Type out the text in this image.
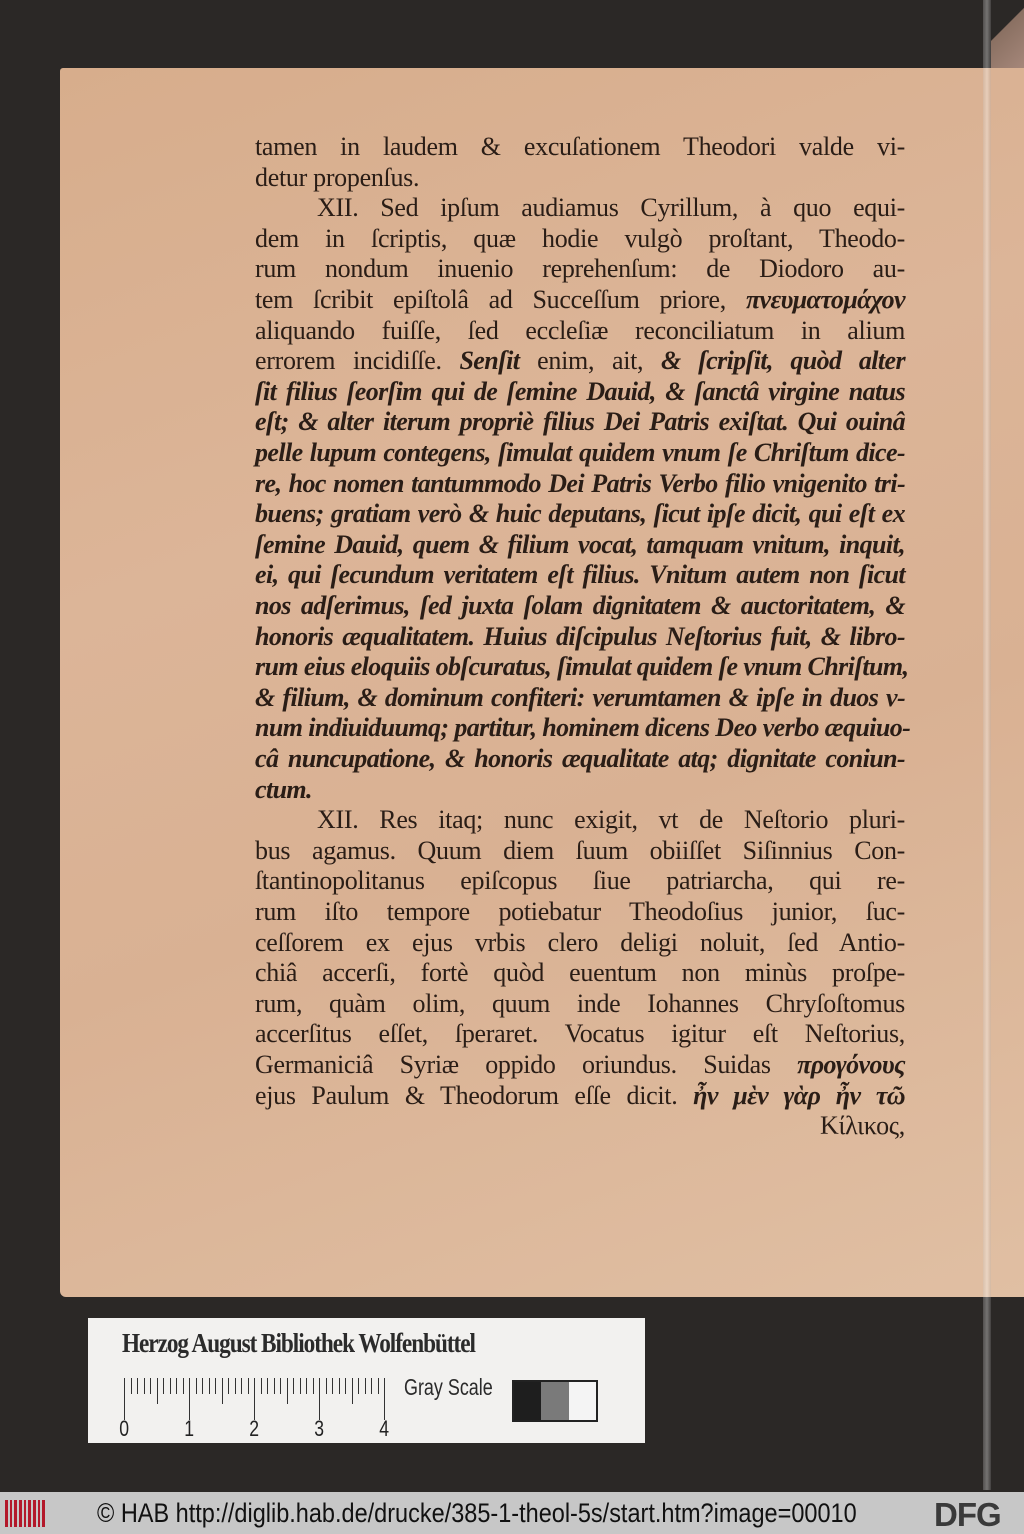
tamen in laudem & excuſationem Theodori valde vi-
detur propenſus.
XII. Sed ipſum audiamus Cyrillum, à quo equi-
dem in ſcriptis, quæ hodie vulgò proſtant, Theodo-
rum nondum inuenio reprehenſum: de Diodoro au-
tem ſcribit epiſtolâ ad Succeſſum priore, πνευματομάχον
aliquando fuiſſe, ſed eccleſiæ reconciliatum in alium
errorem incidiſſe. Senſit enim, ait, & ſcripſit, quòd alter
ſit filius ſeorſim qui de ſemine Dauid, & ſanctâ virgine natus
eſt; & alter iterum propriè filius Dei Patris exiſtat. Qui ouinâ
pelle lupum contegens, ſimulat quidem vnum ſe Chriſtum dice-
re, hoc nomen tantummodo Dei Patris Verbo filio vnigenito tri-
buens; gratiam verò & huic deputans, ſicut ipſe dicit, qui eſt ex
ſemine Dauid, quem & filium vocat, tamquam vnitum, inquit,
ei, qui ſecundum veritatem eſt filius. Vnitum autem non ſicut
nos adſerimus, ſed juxta ſolam dignitatem & auctoritatem, &
honoris æqualitatem. Huius diſcipulus Neſtorius fuit, & libro-
rum eius eloquiis obſcuratus, ſimulat quidem ſe vnum Chriſtum,
& filium, & dominum confiteri: verumtamen & ipſe in duos v-
num indiuiduumq; partitur, hominem dicens Deo verbo æquiuo-
câ nuncupatione, & honoris æqualitate atq; dignitate coniun-
ctum.
XII. Res itaq; nunc exigit, vt de Neſtorio pluri-
bus agamus. Quum diem ſuum obiiſſet Siſinnius Con-
ſtantinopolitanus epiſcopus ſiue patriarcha, qui re-
rum iſto tempore potiebatur Theodoſius junior, ſuc-
ceſſorem ex ejus vrbis clero deligi noluit, ſed Antio-
chiâ accerſi, fortè quòd euentum non minùs proſpe-
rum, quàm olim, quum inde Iohannes Chryſoſtomus
accerſitus eſſet, ſperaret. Vocatus igitur eſt Neſtorius,
Germaniciâ Syriæ oppido oriundus. Suidas προγόνους
ejus Paulum & Theodorum eſſe dicit. ἦν μὲν γὰρ ἦν τῶ
Κίλικος,
Herzog August Bibliothek Wolfenbüttel
0	1	2	3	4
Gray Scale
© HAB http://diglib.hab.de/drucke/385-1-theol-5s/start.htm?image=00010 DFG
